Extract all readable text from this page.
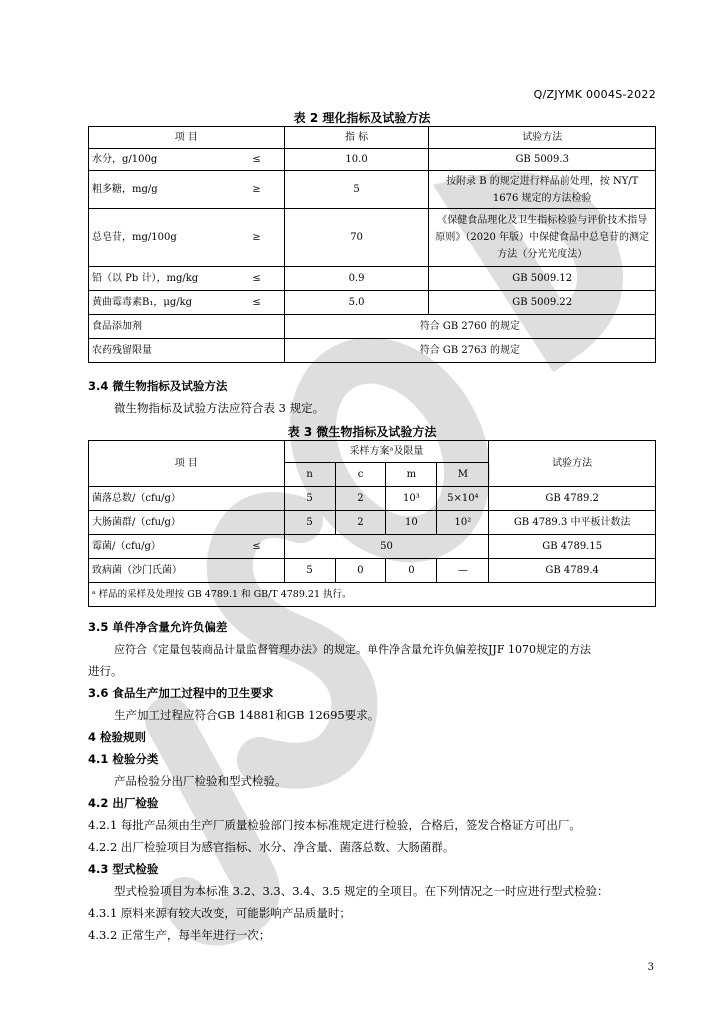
Q/ZJYMK 0004S-2022
表 2 理化指标及试验方法
项 目	指 标	试验方法

水分，g/100g ≤	10.0	GB 5009.3

粗多糖，mg/g ≥	5	按附录 B 的规定进行样品前处理，按 NY/T 1676 规定的方法检验

总皂苷，mg/100g ≥	70	《保健食品理化及卫生指标检验与评价技术指导原则》（2020 年版）中保健食品中总皂苷的测定方法（分光光度法）

铅（以 Pb 计），mg/kg ≤	0.9	GB 5009.12

黄曲霉毒素B₁，μg/kg ≤	5.0	GB 5009.22
食品添加剂	符合 GB 2760 的规定	
农药残留限量	符合 GB 2763 的规定	
3.4 微生物指标及试验方法
微生物指标及试验方法应符合表 3 规定。
表 3 微生物指标及试验方法
项 目	采样方案ᵃ及限量				试验方法
	n	c	m	M	
菌落总数/（cfu/g）	5	2	10³	5×10⁴	GB 4789.2
大肠菌群/（cfu/g）	5	2	10	10²	GB 4789.3 中平板计数法

霉菌/（cfu/g） ≤	50				GB 4789.15
致病菌（沙门氏菌）	5	0	0	—	GB 4789.4
ᵃ 样品的采样及处理按 GB 4789.1 和 GB/T 4789.21 执行。					
3.5 单件净含量允许负偏差
应符合《定量包装商品计量监督管理办法》的规定。单件净含量允许负偏差按JJF 1070规定的方法
进行。
3.6 食品生产加工过程中的卫生要求
生产加工过程应符合GB 14881和GB 12695要求。
4 检验规则
4.1 检验分类
产品检验分出厂检验和型式检验。
4.2 出厂检验
4.2.1 每批产品须由生产厂质量检验部门按本标准规定进行检验，合格后，签发合格证方可出厂。
4.2.2 出厂检验项目为感官指标、水分、净含量、菌落总数、大肠菌群。
4.3 型式检验
型式检验项目为本标准 3.2、3.3、3.4、3.5 规定的全项目。在下列情况之一时应进行型式检验：
4.3.1 原料来源有较大改变，可能影响产品质量时；
4.3.2 正常生产，每半年进行一次；
3
